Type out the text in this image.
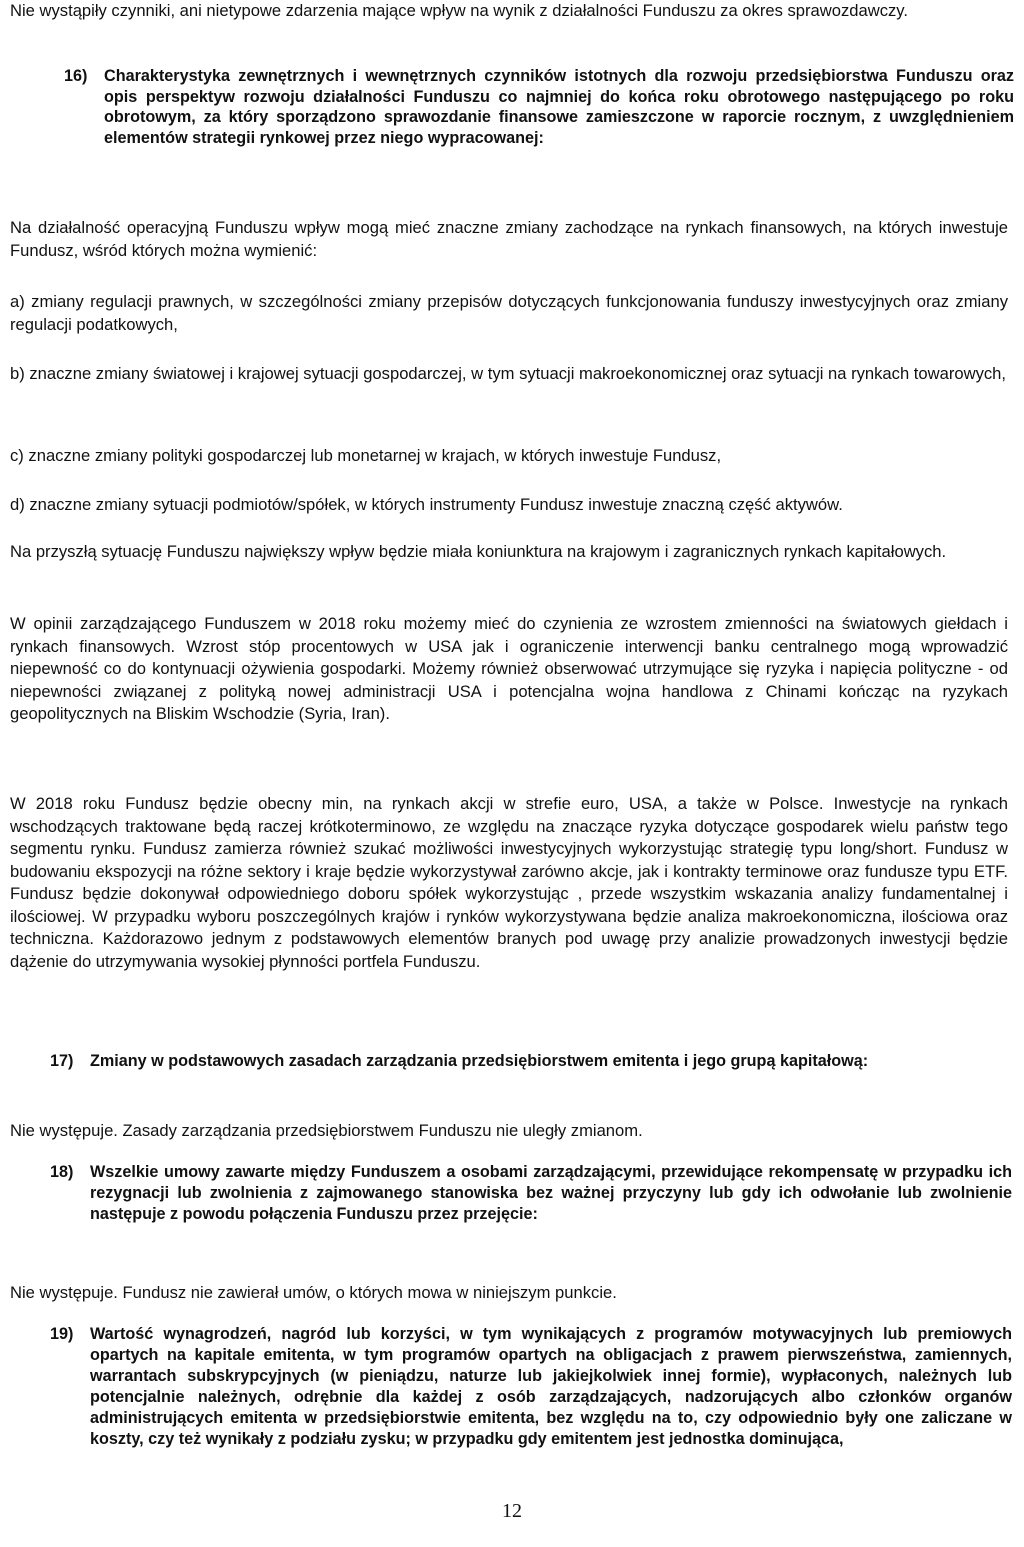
Nie wystąpiły czynniki, ani nietypowe zdarzenia mające wpływ na wynik z działalności Funduszu za okres sprawozdawczy.

16)	Charakterystyka zewnętrznych i wewnętrznych czynników istotnych dla rozwoju przedsiębiorstwa Funduszu oraz opis perspektyw rozwoju działalności Funduszu co najmniej do końca roku obrotowego następującego po roku obrotowym, za który sporządzono sprawozdanie finansowe zamieszczone w raporcie rocznym, z uwzględnieniem elementów strategii rynkowej przez niego wypracowanej:

Na działalność operacyjną Funduszu wpływ mogą mieć znaczne zmiany zachodzące na rynkach finansowych, na których inwestuje Fundusz, wśród których można wymienić:

a) zmiany regulacji prawnych, w szczególności zmiany przepisów dotyczących funkcjonowania funduszy inwestycyjnych oraz zmiany regulacji podatkowych,

b) znaczne zmiany światowej i krajowej sytuacji gospodarczej, w tym sytuacji makroekonomicznej oraz sytuacji na rynkach towarowych,

c) znaczne zmiany polityki gospodarczej lub monetarnej w krajach, w których inwestuje Fundusz,

d) znaczne zmiany sytuacji podmiotów/spółek, w których instrumenty Fundusz inwestuje znaczną część aktywów.

Na przyszłą sytuację Funduszu największy wpływ będzie miała koniunktura na krajowym i zagranicznych rynkach kapitałowych.

W opinii zarządzającego Funduszem w 2018 roku możemy mieć do czynienia ze wzrostem zmienności na światowych giełdach i rynkach finansowych. Wzrost stóp procentowych w USA jak i ograniczenie interwencji banku centralnego mogą wprowadzić niepewność co do kontynuacji ożywienia gospodarki. Możemy również obserwować utrzymujące się ryzyka i napięcia polityczne - od niepewności związanej z polityką nowej administracji USA i potencjalna wojna handlowa z Chinami kończąc na ryzykach geopolitycznych na Bliskim Wschodzie (Syria, Iran).

W 2018 roku Fundusz będzie obecny min, na rynkach akcji w strefie euro, USA, a także w Polsce. Inwestycje na rynkach wschodzących traktowane będą raczej krótkoterminowo, ze względu na znaczące ryzyka dotyczące gospodarek wielu państw tego segmentu rynku. Fundusz zamierza również szukać możliwości inwestycyjnych wykorzystując strategię typu long/short. Fundusz w budowaniu ekspozycji na różne sektory i kraje będzie wykorzystywał zarówno akcje, jak i kontrakty terminowe oraz fundusze typu ETF. Fundusz będzie dokonywał odpowiedniego doboru spółek wykorzystując , przede wszystkim wskazania analizy fundamentalnej i ilościowej. W przypadku wyboru poszczególnych krajów i rynków wykorzystywana będzie analiza makroekonomiczna, ilościowa oraz techniczna. Każdorazowo jednym z podstawowych elementów branych pod uwagę przy analizie prowadzonych inwestycji będzie dążenie do utrzymywania wysokiej płynności portfela Funduszu.

17)	Zmiany w podstawowych zasadach zarządzania przedsiębiorstwem emitenta i jego grupą kapitałową:

Nie występuje. Zasady zarządzania przedsiębiorstwem Funduszu nie uległy zmianom.

18)	Wszelkie umowy zawarte między Funduszem a osobami zarządzającymi, przewidujące rekompensatę w przypadku ich rezygnacji lub zwolnienia z zajmowanego stanowiska bez ważnej przyczyny lub gdy ich odwołanie lub zwolnienie następuje z powodu połączenia Funduszu przez przejęcie:

Nie występuje. Fundusz nie zawierał umów, o których mowa w niniejszym punkcie.

19)	Wartość wynagrodzeń, nagród lub korzyści, w tym wynikających z programów motywacyjnych lub premiowych opartych na kapitale emitenta, w tym programów opartych na obligacjach z prawem pierwszeństwa, zamiennych, warrantach subskrypcyjnych (w pieniądzu, naturze lub jakiejkolwiek innej formie), wypłaconych, należnych lub potencjalnie należnych, odrębnie dla każdej z osób zarządzających, nadzorujących albo członków organów administrujących emitenta w przedsiębiorstwie emitenta, bez względu na to, czy odpowiednio były one zaliczane w koszty, czy też wynikały z podziału zysku; w przypadku gdy emitentem jest jednostka dominująca,
12
